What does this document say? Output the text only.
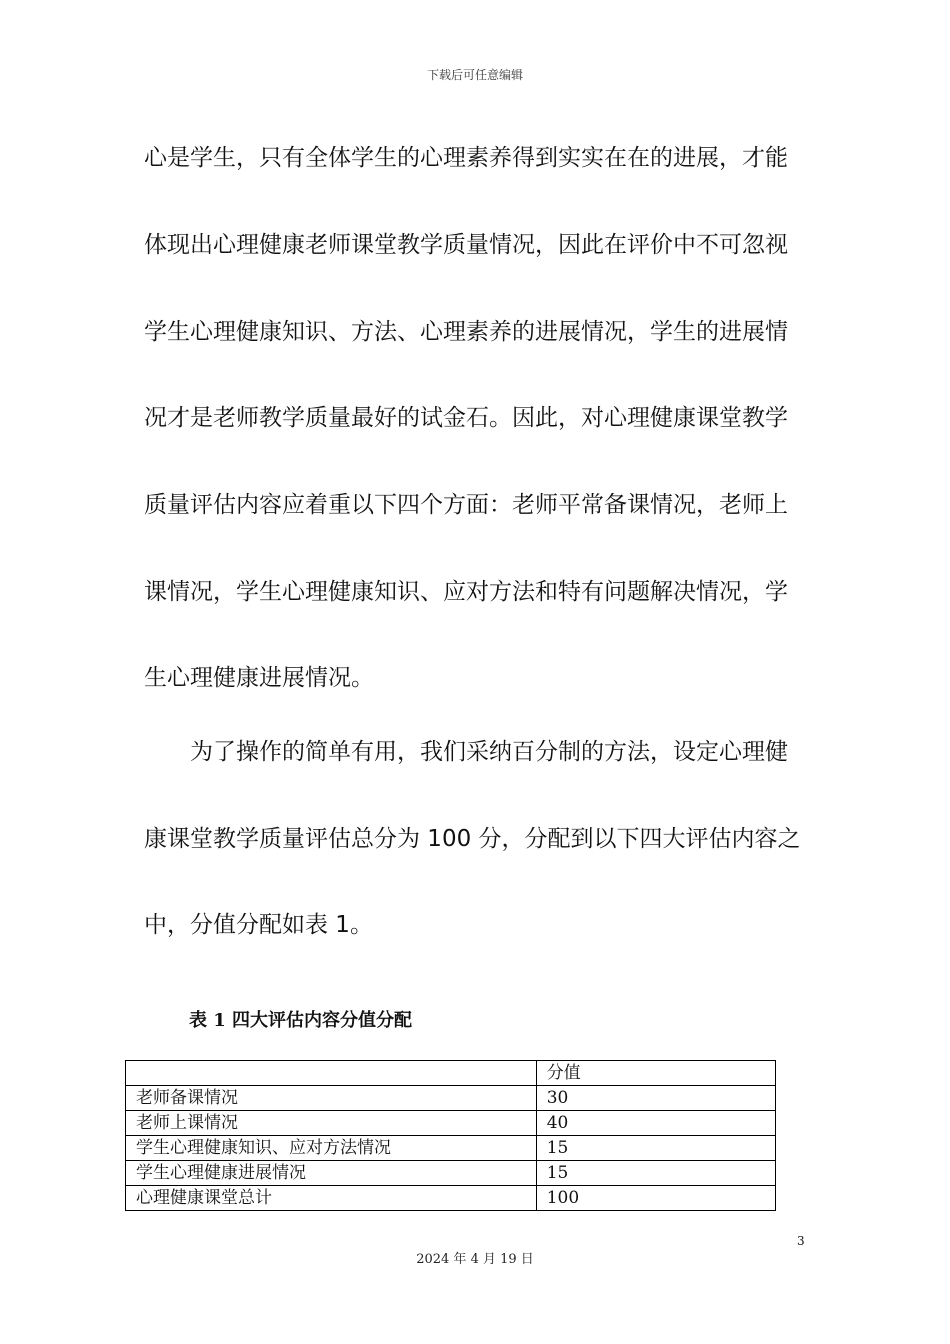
下载后可任意编辑
心是学生，只有全体学生的心理素养得到实实在在的进展，才能
体现出心理健康老师课堂教学质量情况，因此在评价中不可忽视
学生心理健康知识、方法、心理素养的进展情况，学生的进展情
况才是老师教学质量最好的试金石。因此，对心理健康课堂教学
质量评估内容应着重以下四个方面：老师平常备课情况，老师上
课情况，学生心理健康知识、应对方法和特有问题解决情况，学
生心理健康进展情况。
　　为了操作的简单有用，我们采纳百分制的方法，设定心理健
康课堂教学质量评估总分为 100 分，分配到以下四大评估内容之
中，分值分配如表 1。
表 1 四大评估内容分值分配
	分值
老师备课情况	30
老师上课情况	40
学生心理健康知识、应对方法情况	15
学生心理健康进展情况	15
心理健康课堂总计	100
3
2024 年 4 月 19 日
